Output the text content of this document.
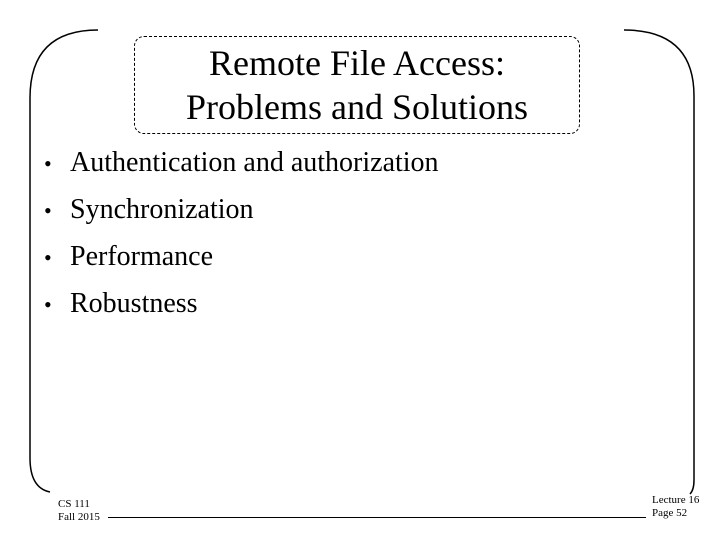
Remote File Access:
Problems and Solutions
• Authentication and authorization
• Synchronization
• Performance
• Robustness
CS 111
Fall 2015
Lecture 16
Page 52
